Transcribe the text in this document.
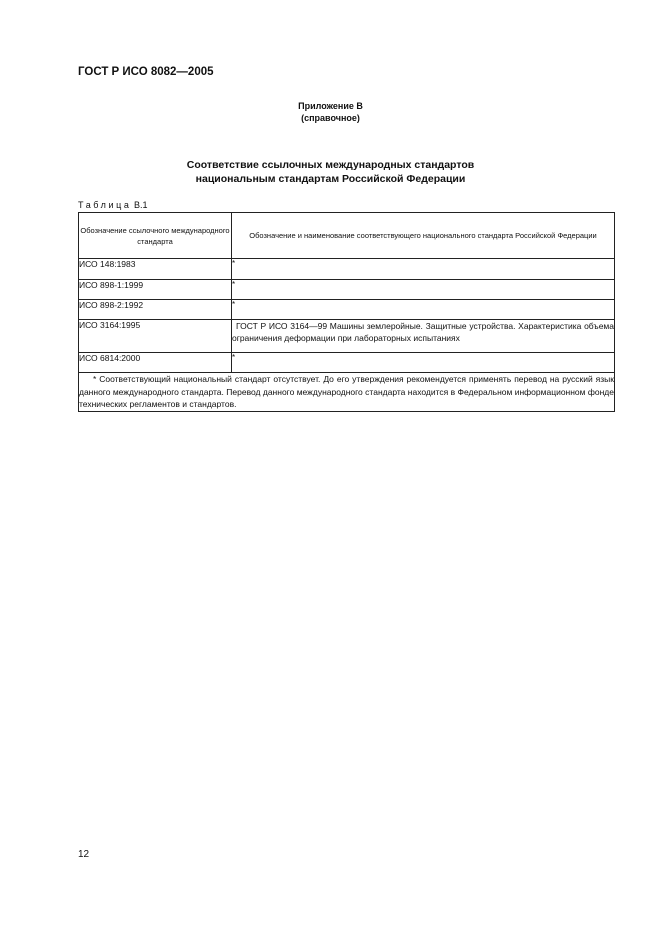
ГОСТ Р ИСО 8082—2005
Приложение В
(справочное)
Соответствие ссылочных международных стандартов
национальным стандартам Российской Федерации
Таблица В.1
Обозначение ссылочного международного стандарта	Обозначение и наименование соответствующего национального стандарта Российской Федерации
ИСО 148:1983	*
ИСО 898-1:1999	*
ИСО 898-2:1992	*
ИСО 3164:1995	ГОСТ Р ИСО 3164—99 Машины землеройные. Защитные устройства. Характеристика объема ограничения деформации при лабораторных испытаниях
ИСО 6814:2000	*
* Соответствующий национальный стандарт отсутствует. До его утверждения рекомендуется применять перевод на русский язык данного международного стандарта. Перевод данного международного стандарта находится в Федеральном информационном фонде технических регламентов и стандартов.	
12
